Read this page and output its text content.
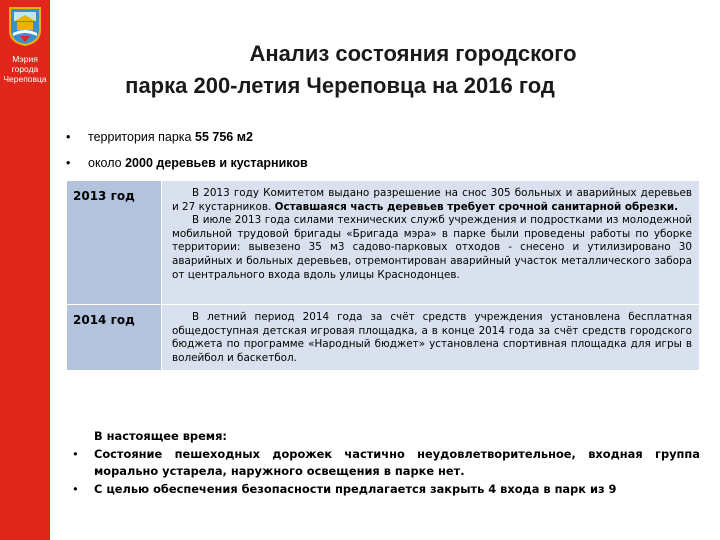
Мэрия
города
Череповца
Анализ состояния городского
парка 200-летия Череповца на 2016 год
•	территория парка 55 756 м2
•	около 2000 деревьев и кустарников
2013 год	В 2013 году Комитетом выдано разрешение на снос 305 больных и аварийных деревьев и 27 кустарников. Оставшаяся часть деревьев требует срочной санитарной обрезки.

В июле 2013 года силами технических служб учреждения и подростками из молодежной мобильной трудовой бригады «Бригада мэра» в парке были проведены работы по уборке территории: вывезено 35 м3 садово-парковых отходов - снесено и утилизировано 30 аварийных и больных деревьев, отремонтирован аварийный участок металлического забора от центрального входа вдоль улицы Краснодонцев.

2014 год	В летний период 2014 года за счёт средств учреждения установлена бесплатная общедоступная детская игровая площадка, а в конце 2014 года за счёт средств городского бюджета по программе «Народный бюджет» установлена спортивная площадка для игры в волейбол и баскетбол.

В настоящее время:
•	Состояние пешеходных дорожек частично неудовлетворительное, входная группа морально устарела, наружного освещения в парке нет.
•	С целью обеспечения безопасности предлагается закрыть 4 входа в парк из 9
